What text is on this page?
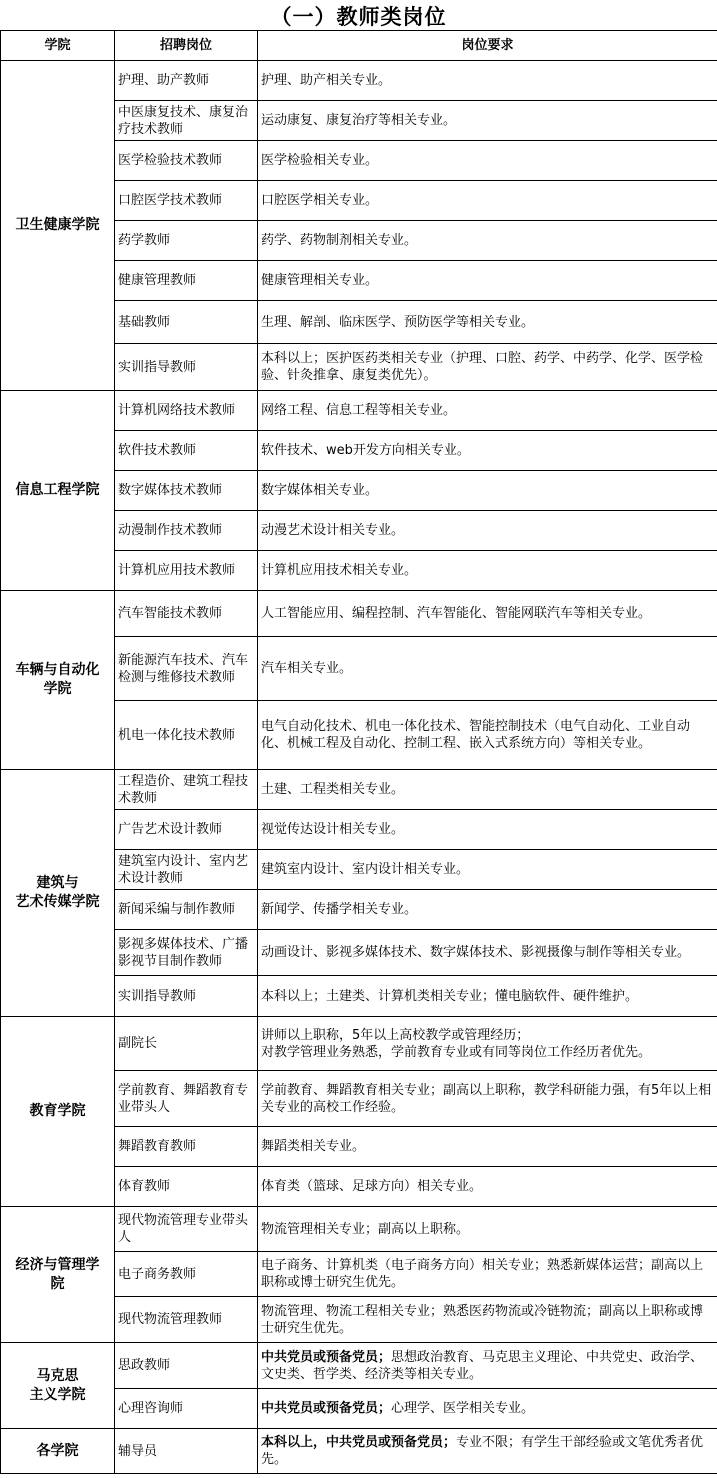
（一）教师类岗位
学院	招聘岗位	岗位要求
卫生健康学院	护理、助产教师	护理、助产相关专业。
	中医康复技术、康复治疗技术教师	运动康复、康复治疗等相关专业。
	医学检验技术教师	医学检验相关专业。
	口腔医学技术教师	口腔医学相关专业。
	药学教师	药学、药物制剂相关专业。
	健康管理教师	健康管理相关专业。
	基础教师	生理、解剖、临床医学、预防医学等相关专业。
	实训指导教师	本科以上；医护医药类相关专业（护理、口腔、药学、中药学、化学、医学检验、针灸推拿、康复类优先）。
信息工程学院	计算机网络技术教师	网络工程、信息工程等相关专业。
	软件技术教师	软件技术、web开发方向相关专业。
	数字媒体技术教师	数字媒体相关专业。
	动漫制作技术教师	动漫艺术设计相关专业。
	计算机应用技术教师	计算机应用技术相关专业。
车辆与自动化
学院	汽车智能技术教师	人工智能应用、编程控制、汽车智能化、智能网联汽车等相关专业。
	新能源汽车技术、汽车检测与维修技术教师	汽车相关专业。
	机电一体化技术教师	电气自动化技术、机电一体化技术、智能控制技术（电气自动化、工业自动化、机械工程及自动化、控制工程、嵌入式系统方向）等相关专业。
建筑与
艺术传媒学院	工程造价、建筑工程技术教师	土建、工程类相关专业。
	广告艺术设计教师	视觉传达设计相关专业。
	建筑室内设计、室内艺术设计教师	建筑室内设计、室内设计相关专业。
	新闻采编与制作教师	新闻学、传播学相关专业。
	影视多媒体技术、广播影视节目制作教师	动画设计、影视多媒体技术、数字媒体技术、影视摄像与制作等相关专业。
	实训指导教师	本科以上；土建类、计算机类相关专业；懂电脑软件、硬件维护。
教育学院	副院长	讲师以上职称，5年以上高校教学或管理经历；
对教学管理业务熟悉，学前教育专业或有同等岗位工作经历者优先。
	学前教育、舞蹈教育专业带头人	学前教育、舞蹈教育相关专业；副高以上职称，教学科研能力强，有5年以上相关专业的高校工作经验。
	舞蹈教育教师	舞蹈类相关专业。
	体育教师	体育类（篮球、足球方向）相关专业。
经济与管理学
院	现代物流管理专业带头人	物流管理相关专业；副高以上职称。
	电子商务教师	电子商务、计算机类（电子商务方向）相关专业；熟悉新媒体运营；副高以上职称或博士研究生优先。
	现代物流管理教师	物流管理、物流工程相关专业；熟悉医药物流或冷链物流；副高以上职称或博士研究生优先。
马克思
主义学院	思政教师	中共党员或预备党员；思想政治教育、马克思主义理论、中共党史、政治学、文史类、哲学类、经济类等相关专业。
	心理咨询师	中共党员或预备党员；心理学、医学相关专业。
各学院	辅导员	本科以上，中共党员或预备党员；专业不限；有学生干部经验或文笔优秀者优先。
